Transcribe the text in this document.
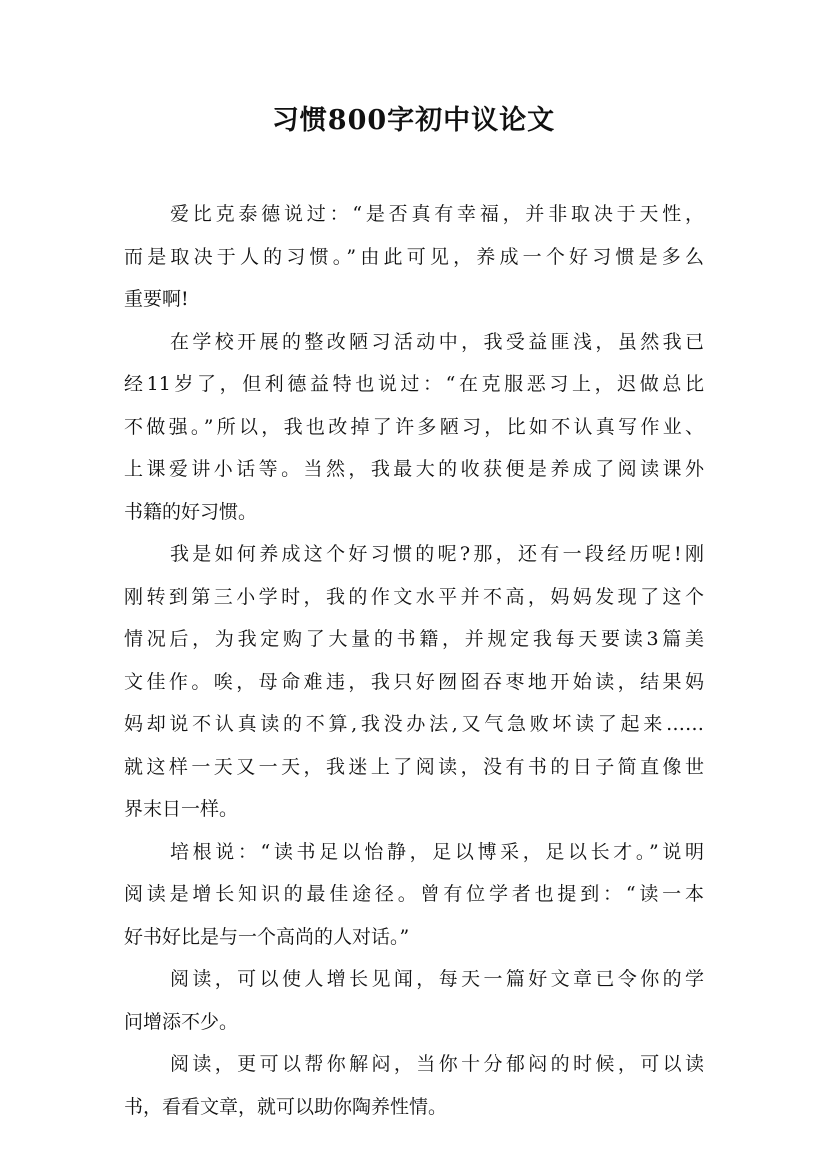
习惯800字初中议论文
爱比克泰德说过：“是否真有幸福，并非取决于天性，
而是取决于人的习惯。”由此可见，养成一个好习惯是多么
重要啊!
在学校开展的整改陋习活动中，我受益匪浅，虽然我已
经11岁了，但利德益特也说过：“在克服恶习上，迟做总比
不做强。”所以，我也改掉了许多陋习，比如不认真写作业、
上课爱讲小话等。当然，我最大的收获便是养成了阅读课外
书籍的好习惯。
我是如何养成这个好习惯的呢?那，还有一段经历呢!刚
刚转到第三小学时，我的作文水平并不高，妈妈发现了这个
情况后，为我定购了大量的书籍，并规定我每天要读3篇美
文佳作。唉，母命难违，我只好囫囵吞枣地开始读，结果妈
妈却说不认真读的不算,我没办法,又气急败坏读了起来……
就这样一天又一天，我迷上了阅读，没有书的日子简直像世
界末日一样。
培根说：“读书足以怡静，足以博采，足以长才。”说明
阅读是增长知识的最佳途径。曾有位学者也提到：“读一本
好书好比是与一个高尚的人对话。”
阅读，可以使人增长见闻，每天一篇好文章已令你的学
问增添不少。
阅读，更可以帮你解闷，当你十分郁闷的时候，可以读
书，看看文章，就可以助你陶养性情。
